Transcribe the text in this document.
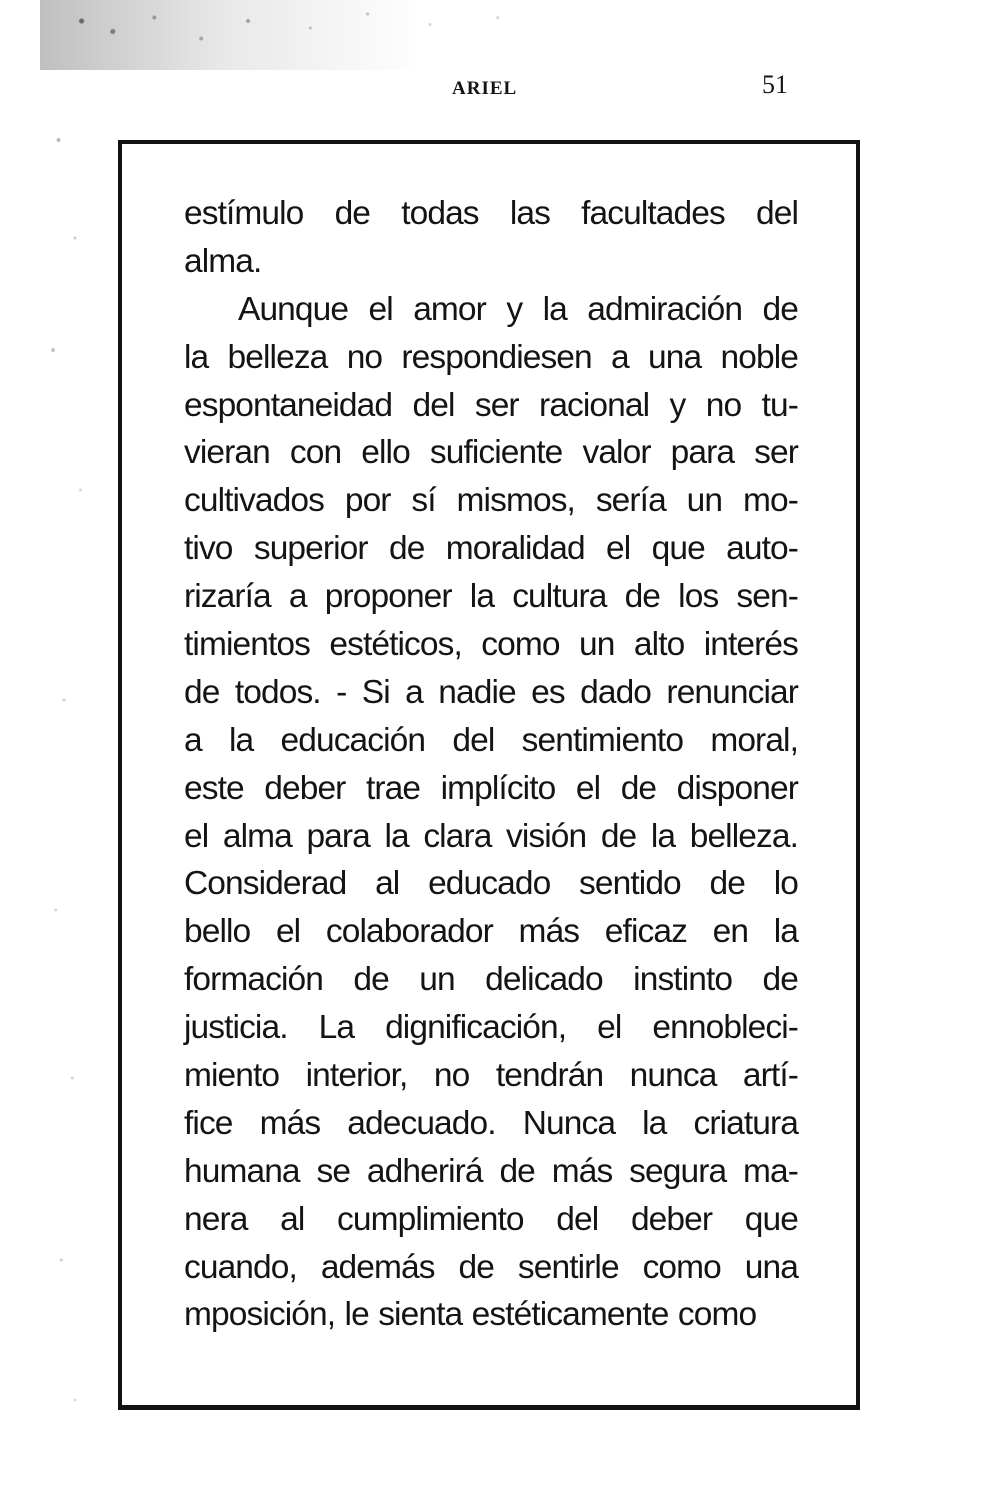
ARIEL	51
estímulo de todas las facultades del
alma.
Aunque el amor y la admiración de
la belleza no respondiesen a una noble
espontaneidad del ser racional y no tu-
vieran con ello suficiente valor para ser
cultivados por sí mismos, sería un mo-
tivo superior de moralidad el que auto-
rizaría a proponer la cultura de los sen-
timientos estéticos, como un alto interés
de todos. - Si a nadie es dado renunciar
a la educación del sentimiento moral,
este deber trae implícito el de disponer
el alma para la clara visión de la belleza.
Considerad al educado sentido de lo
bello el colaborador más eficaz en la
formación de un delicado instinto de
justicia. La dignificación, el ennobleci-
miento interior, no tendrán nunca artí-
fice más adecuado. Nunca la criatura
humana se adherirá de más segura ma-
nera al cumplimiento del deber que
cuando, además de sentirle como una
mposición, le sienta estéticamente como
